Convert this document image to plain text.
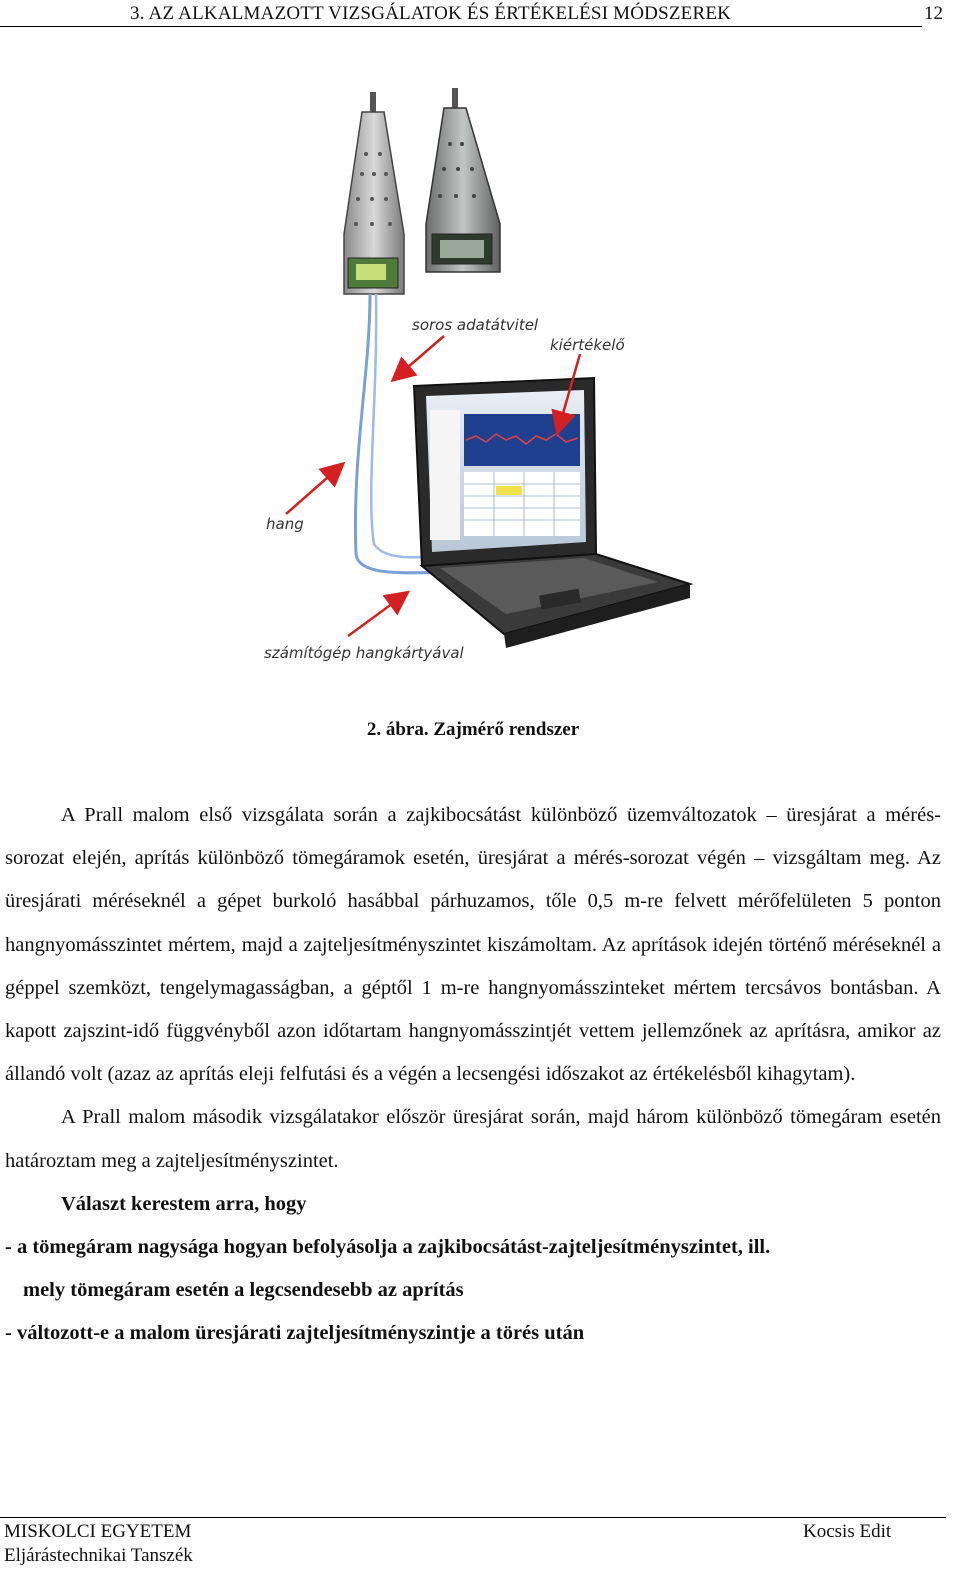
3. AZ ALKALMAZOTT VIZSGÁLATOK ÉS ÉRTÉKELÉSI MÓDSZEREK	12
soros adatátvitel
kiértékelő
hang
számítógép hangkártyával
2. ábra. Zajmérő rendszer

A Prall malom első vizsgálata során a zajkibocsátást különböző üzemváltozatok – üresjárat a mérés-sorozat elején, aprítás különböző tömegáramok esetén, üresjárat a mérés-sorozat végén – vizsgáltam meg. Az üresjárati méréseknél a gépet burkoló hasábbal párhuzamos, tőle 0,5 m-re felvett mérőfelületen 5 ponton hangnyomásszintet mértem, majd a zajteljesítményszintet kiszámoltam. Az aprítások idején történő méréseknél a géppel szemközt, tengelymagasságban, a géptől 1 m-re hangnyomásszinteket mértem tercsávos bontásban. A kapott zajszint-idő függvényből azon időtartam hangnyomásszintjét vettem jellemzőnek az aprításra, amikor az állandó volt (azaz az aprítás eleji felfutási és a végén a lecsengési időszakot az értékelésből kihagytam).

A Prall malom második vizsgálatakor először üresjárat során, majd három különböző tömegáram esetén határoztam meg a zajteljesítményszintet.

Választ kerestem arra, hogy

- a tömegáram nagysága hogyan befolyásolja a zajkibocsátást-zajteljesítményszintet, ill.

mely tömegáram esetén a legcsendesebb az aprítás

- változott-e a malom üresjárati zajteljesítményszintje a törés után

MISKOLCI EGYETEM
Eljárástechnikai Tanszék
Kocsis Edit
